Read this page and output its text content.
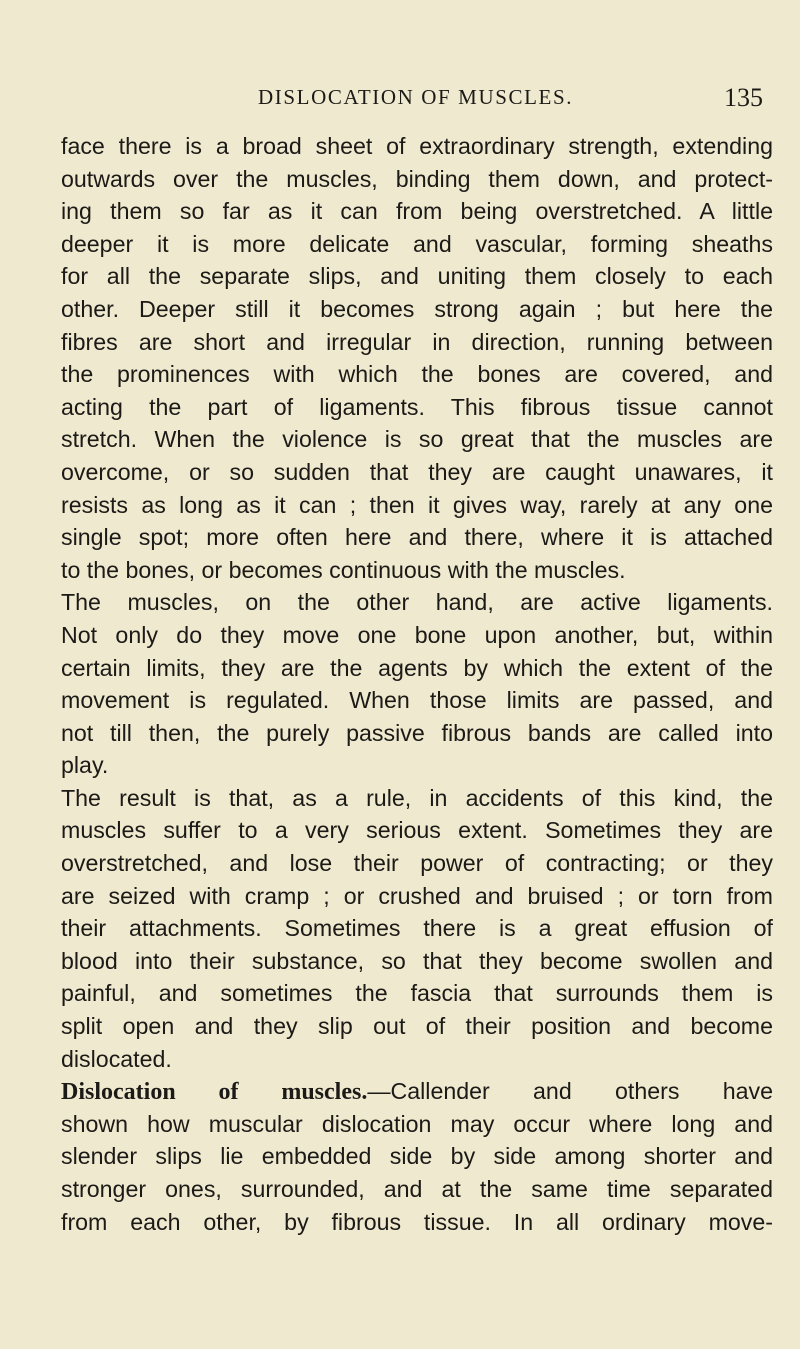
DISLOCATION OF MUSCLES.	135
face there is a broad sheet of extraordinary strength, extending
outwards over the muscles, binding them down, and protect-
ing them so far as it can from being overstretched. A little
deeper it is more delicate and vascular, forming sheaths
for all the separate slips, and uniting them closely to each
other. Deeper still it becomes strong again ; but here the
fibres are short and irregular in direction, running between
the prominences with which the bones are covered, and
acting the part of ligaments. This fibrous tissue cannot
stretch. When the violence is so great that the muscles are
overcome, or so sudden that they are caught unawares, it
resists as long as it can ; then it gives way, rarely at any one
single spot; more often here and there, where it is attached
to the bones, or becomes continuous with the muscles.
The muscles, on the other hand, are active ligaments.
Not only do they move one bone upon another, but, within
certain limits, they are the agents by which the extent of the
movement is regulated. When those limits are passed, and
not till then, the purely passive fibrous bands are called into
play.
The result is that, as a rule, in accidents of this kind, the
muscles suffer to a very serious extent. Sometimes they are
overstretched, and lose their power of contracting; or they
are seized with cramp ; or crushed and bruised ; or torn from
their attachments. Sometimes there is a great effusion of
blood into their substance, so that they become swollen and
painful, and sometimes the fascia that surrounds them is
split open and they slip out of their position and become
dislocated.
Dislocation of muscles.—Callender and others have
shown how muscular dislocation may occur where long and
slender slips lie embedded side by side among shorter and
stronger ones, surrounded, and at the same time separated
from each other, by fibrous tissue. In all ordinary move-
